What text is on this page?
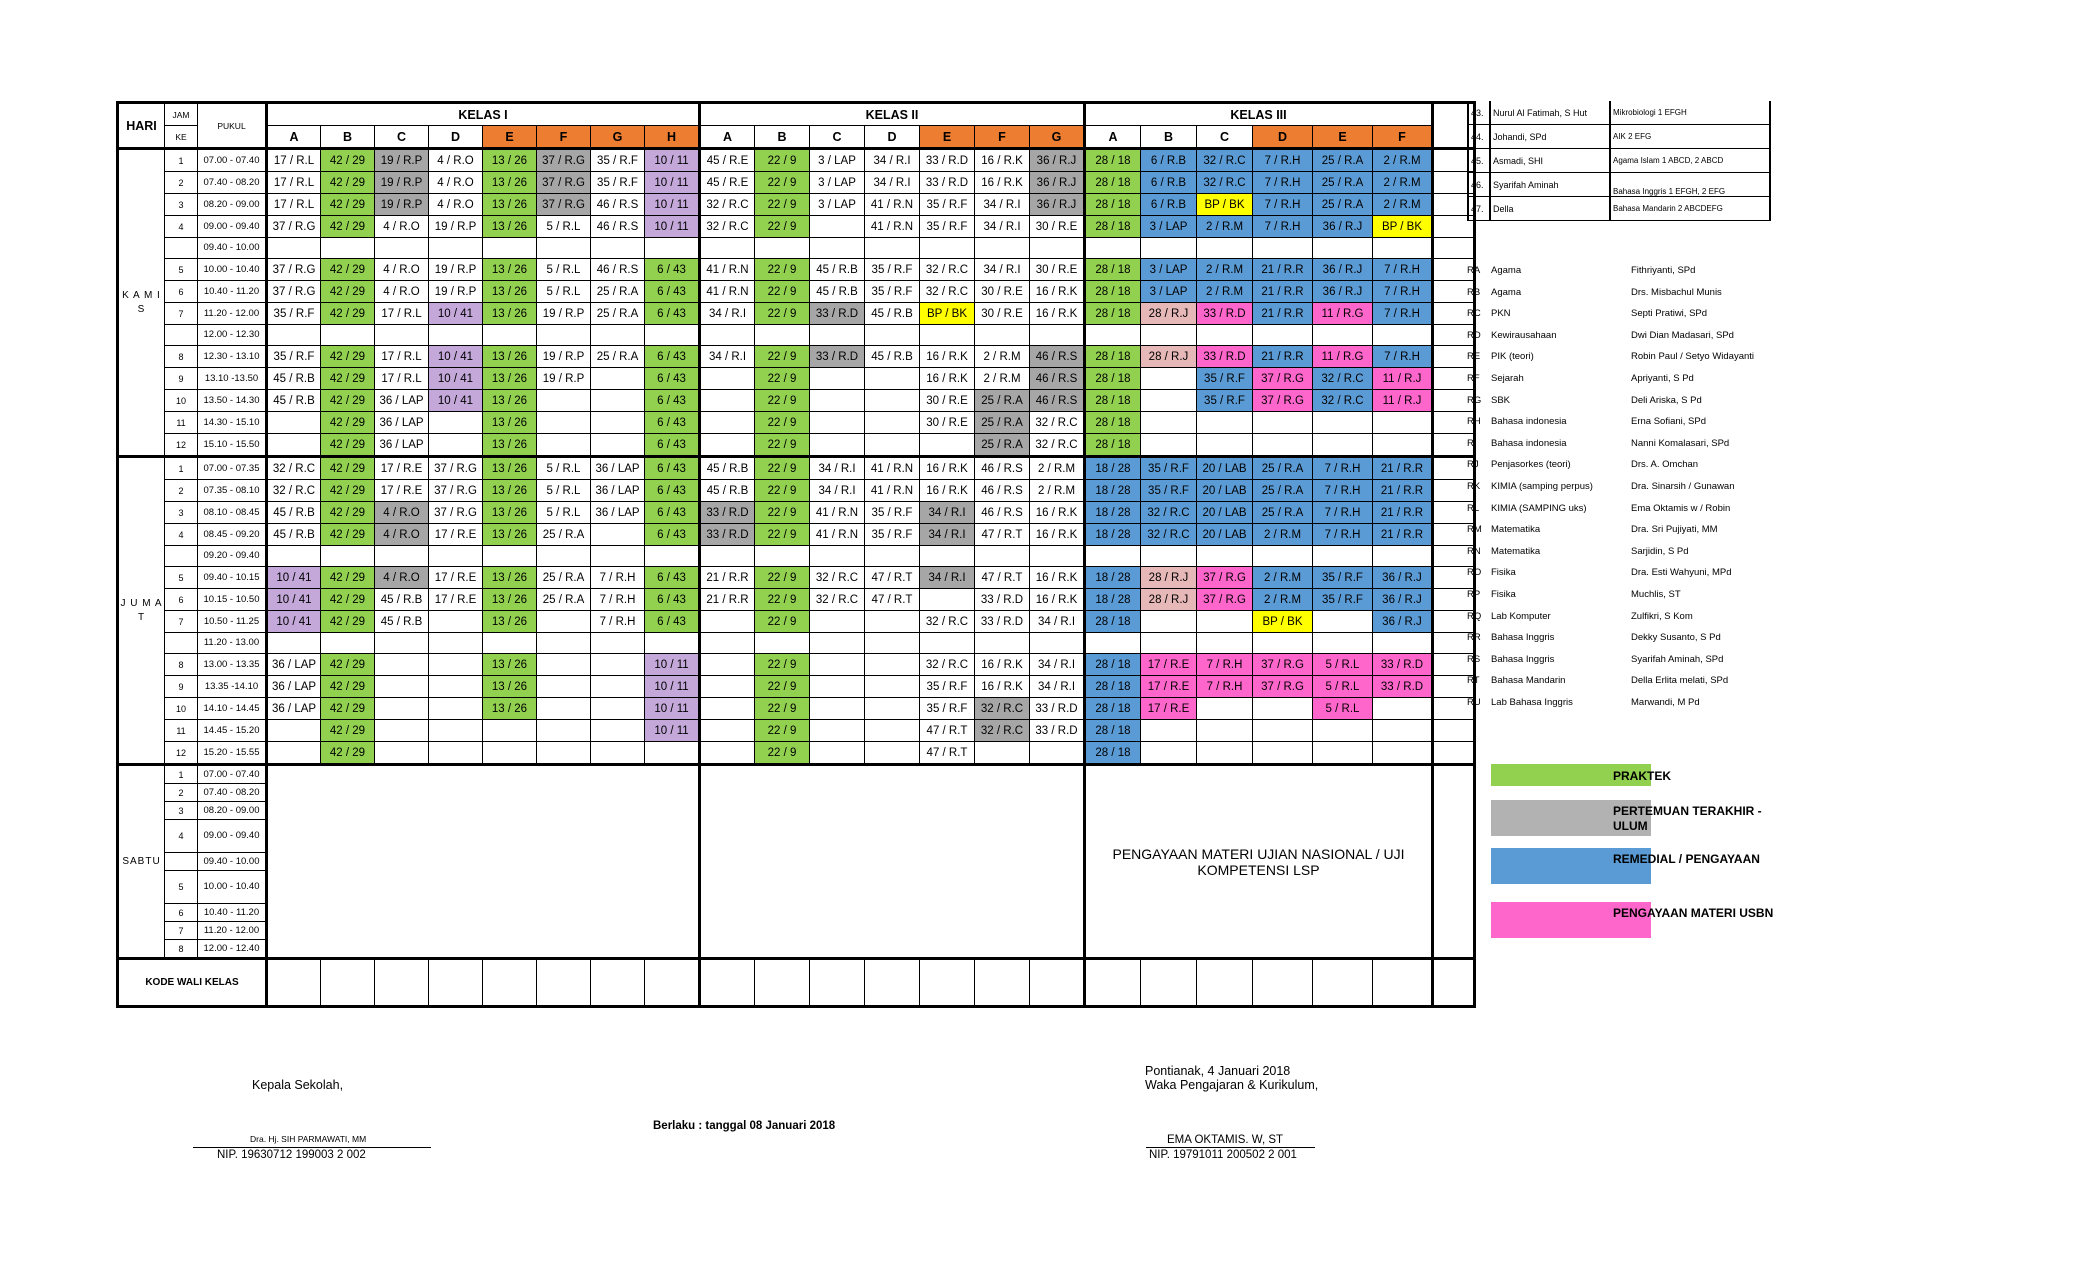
HARI	JAM	PUKUL	KELAS I								KELAS II							KELAS III						
	KE		A	B	C	D	E	F	G	H	A	B	C	D	E	F	G	A	B	C	D	E	F	
K A M I S	1	07.00 - 07.40	17 / R.L	42 / 29	19 / R.P	4 / R.O	13 / 26	37 / R.G	35 / R.F	10 / 11	45 / R.E	22 / 9	3 / LAP	34 / R.I	33 / R.D	16 / R.K	36 / R.J	28 / 18	6 / R.B	32 / R.C	7 / R.H	25 / R.A	2 / R.M	
	2	07.40 - 08.20	17 / R.L	42 / 29	19 / R.P	4 / R.O	13 / 26	37 / R.G	35 / R.F	10 / 11	45 / R.E	22 / 9	3 / LAP	34 / R.I	33 / R.D	16 / R.K	36 / R.J	28 / 18	6 / R.B	32 / R.C	7 / R.H	25 / R.A	2 / R.M	
	3	08.20 - 09.00	17 / R.L	42 / 29	19 / R.P	4 / R.O	13 / 26	37 / R.G	46 / R.S	10 / 11	32 / R.C	22 / 9	3 / LAP	41 / R.N	35 / R.F	34 / R.I	36 / R.J	28 / 18	6 / R.B	BP / BK	7 / R.H	25 / R.A	2 / R.M	
	4	09.00 - 09.40	37 / R.G	42 / 29	4 / R.O	19 / R.P	13 / 26	5 / R.L	46 / R.S	10 / 11	32 / R.C	22 / 9		41 / R.N	35 / R.F	34 / R.I	30 / R.E	28 / 18	3 / LAP	2 / R.M	7 / R.H	36 / R.J	BP / BK	
		09.40 - 10.00																						
	5	10.00 - 10.40	37 / R.G	42 / 29	4 / R.O	19 / R.P	13 / 26	5 / R.L	46 / R.S	6 / 43	41 / R.N	22 / 9	45 / R.B	35 / R.F	32 / R.C	34 / R.I	30 / R.E	28 / 18	3 / LAP	2 / R.M	21 / R.R	36 / R.J	7 / R.H	
	6	10.40 - 11.20	37 / R.G	42 / 29	4 / R.O	19 / R.P	13 / 26	5 / R.L	25 / R.A	6 / 43	41 / R.N	22 / 9	45 / R.B	35 / R.F	32 / R.C	30 / R.E	16 / R.K	28 / 18	3 / LAP	2 / R.M	21 / R.R	36 / R.J	7 / R.H	
	7	11.20 - 12.00	35 / R.F	42 / 29	17 / R.L	10 / 41	13 / 26	19 / R.P	25 / R.A	6 / 43	34 / R.I	22 / 9	33 / R.D	45 / R.B	BP / BK	30 / R.E	16 / R.K	28 / 18	28 / R.J	33 / R.D	21 / R.R	11 / R.G	7 / R.H	
		12.00 - 12.30																						
	8	12.30 - 13.10	35 / R.F	42 / 29	17 / R.L	10 / 41	13 / 26	19 / R.P	25 / R.A	6 / 43	34 / R.I	22 / 9	33 / R.D	45 / R.B	16 / R.K	2 / R.M	46 / R.S	28 / 18	28 / R.J	33 / R.D	21 / R.R	11 / R.G	7 / R.H	
	9	13.10 -13.50	45 / R.B	42 / 29	17 / R.L	10 / 41	13 / 26	19 / R.P		6 / 43		22 / 9			16 / R.K	2 / R.M	46 / R.S	28 / 18		35 / R.F	37 / R.G	32 / R.C	11 / R.J	
	10	13.50 - 14.30	45 / R.B	42 / 29	36 / LAP	10 / 41	13 / 26			6 / 43		22 / 9			30 / R.E	25 / R.A	46 / R.S	28 / 18		35 / R.F	37 / R.G	32 / R.C	11 / R.J	
	11	14.30 - 15.10		42 / 29	36 / LAP		13 / 26			6 / 43		22 / 9			30 / R.E	25 / R.A	32 / R.C	28 / 18						
	12	15.10 - 15.50		42 / 29	36 / LAP		13 / 26			6 / 43		22 / 9				25 / R.A	32 / R.C	28 / 18						
J U M A T	1	07.00 - 07.35	32 / R.C	42 / 29	17 / R.E	37 / R.G	13 / 26	5 / R.L	36 / LAP	6 / 43	45 / R.B	22 / 9	34 / R.I	41 / R.N	16 / R.K	46 / R.S	2 / R.M	18 / 28	35 / R.F	20 / LAB	25 / R.A	7 / R.H	21 / R.R	
	2	07.35 - 08.10	32 / R.C	42 / 29	17 / R.E	37 / R.G	13 / 26	5 / R.L	36 / LAP	6 / 43	45 / R.B	22 / 9	34 / R.I	41 / R.N	16 / R.K	46 / R.S	2 / R.M	18 / 28	35 / R.F	20 / LAB	25 / R.A	7 / R.H	21 / R.R	
	3	08.10 - 08.45	45 / R.B	42 / 29	4 / R.O	37 / R.G	13 / 26	5 / R.L	36 / LAP	6 / 43	33 / R.D	22 / 9	41 / R.N	35 / R.F	34 / R.I	46 / R.S	16 / R.K	18 / 28	32 / R.C	20 / LAB	25 / R.A	7 / R.H	21 / R.R	
	4	08.45 - 09.20	45 / R.B	42 / 29	4 / R.O	17 / R.E	13 / 26	25 / R.A		6 / 43	33 / R.D	22 / 9	41 / R.N	35 / R.F	34 / R.I	47 / R.T	16 / R.K	18 / 28	32 / R.C	20 / LAB	2 / R.M	7 / R.H	21 / R.R	
		09.20 - 09.40																						
	5	09.40 - 10.15	10 / 41	42 / 29	4 / R.O	17 / R.E	13 / 26	25 / R.A	7 / R.H	6 / 43	21 / R.R	22 / 9	32 / R.C	47 / R.T	34 / R.I	47 / R.T	16 / R.K	18 / 28	28 / R.J	37 / R.G	2 / R.M	35 / R.F	36 / R.J	
	6	10.15 - 10.50	10 / 41	42 / 29	45 / R.B	17 / R.E	13 / 26	25 / R.A	7 / R.H	6 / 43	21 / R.R	22 / 9	32 / R.C	47 / R.T		33 / R.D	16 / R.K	18 / 28	28 / R.J	37 / R.G	2 / R.M	35 / R.F	36 / R.J	
	7	10.50 - 11.25	10 / 41	42 / 29	45 / R.B		13 / 26		7 / R.H	6 / 43		22 / 9			32 / R.C	33 / R.D	34 / R.I	28 / 18			BP / BK		36 / R.J	
		11.20 - 13.00																						
	8	13.00 - 13.35	36 / LAP	42 / 29			13 / 26			10 / 11		22 / 9			32 / R.C	16 / R.K	34 / R.I	28 / 18	17 / R.E	7 / R.H	37 / R.G	5 / R.L	33 / R.D	
	9	13.35 -14.10	36 / LAP	42 / 29			13 / 26			10 / 11		22 / 9			35 / R.F	16 / R.K	34 / R.I	28 / 18	17 / R.E	7 / R.H	37 / R.G	5 / R.L	33 / R.D	
	10	14.10 - 14.45	36 / LAP	42 / 29			13 / 26			10 / 11		22 / 9			35 / R.F	32 / R.C	33 / R.D	28 / 18	17 / R.E			5 / R.L		
	11	14.45 - 15.20		42 / 29						10 / 11		22 / 9			47 / R.T	32 / R.C	33 / R.D	28 / 18						
	12	15.20 - 15.55		42 / 29								22 / 9			47 / R.T			28 / 18						
SABTU	1	07.00 - 07.40																PENGAYAAN MATERI UJIAN NASIONAL / UJI KOMPETENSI LSP						
	2	07.40 - 08.20																						
	3	08.20 - 09.00																						
	4	09.00 - 09.40																						
		09.40 - 10.00																						
	5	10.00 - 10.40																						
	6	10.40 - 11.20																						
	7	11.20 - 12.00																						
	8	12.00 - 12.40																						
KODE WALI KELAS																								
43.	Nurul Al Fatimah, S Hut	Mikrobiologi 1 EFGH
44.	Johandi, SPd	AIK 2 EFG
45.	Asmadi, SHI	Agama Islam 1 ABCD, 2 ABCD
46.	Syarifah Aminah	Bahasa Inggris 1 EFGH, 2 EFG
47.	Della	Bahasa Mandarin 2 ABCDEFG
RA Agama	Fithriyanti, SPd
RB Agama	Drs. Misbachul Munis
RC PKN	Septi Pratiwi, SPd
RD Kewirausahaan	Dwi Dian Madasari, SPd
RE PIK (teori)	Robin Paul / Setyo Widayanti
RF Sejarah	Apriyanti, S Pd
RG SBK	Deli Ariska, S Pd
RH Bahasa indonesia	Erna Sofiani, SPd
RI Bahasa indonesia	Nanni Komalasari, SPd
RJ Penjasorkes (teori)	Drs. A. Omchan
RK KIMIA (samping perpus)	Dra. Sinarsih / Gunawan
RL KIMIA (SAMPING uks)	Ema Oktamis w / Robin
RM Matematika	Dra. Sri Pujiyati, MM
RN Matematika	Sarjidin, S Pd
RO Fisika	Dra. Esti Wahyuni, MPd
RP Fisika	Muchlis, ST
RQ Lab Komputer	Zulfikri, S Kom
RR Bahasa Inggris	Dekky Susanto, S Pd
RS Bahasa Inggris	Syarifah Aminah, SPd
RT Bahasa Mandarin	Della Erlita melati, SPd
RU Lab Bahasa Inggris	Marwandi, M Pd
PRAKTEK
PERTEMUAN TERAKHIR - ULUM
REMEDIAL / PENGAYAAN
PENGAYAAN MATERI USBN
Kepala Sekolah,
Dra. Hj. SIH PARMAWATI, MM
NIP. 19630712 199003 2 002
Berlaku : tanggal 08 Januari 2018
Pontianak, 4 Januari 2018
Waka Pengajaran & Kurikulum,
EMA OKTAMIS. W, ST
NIP. 19791011 200502 2 001
